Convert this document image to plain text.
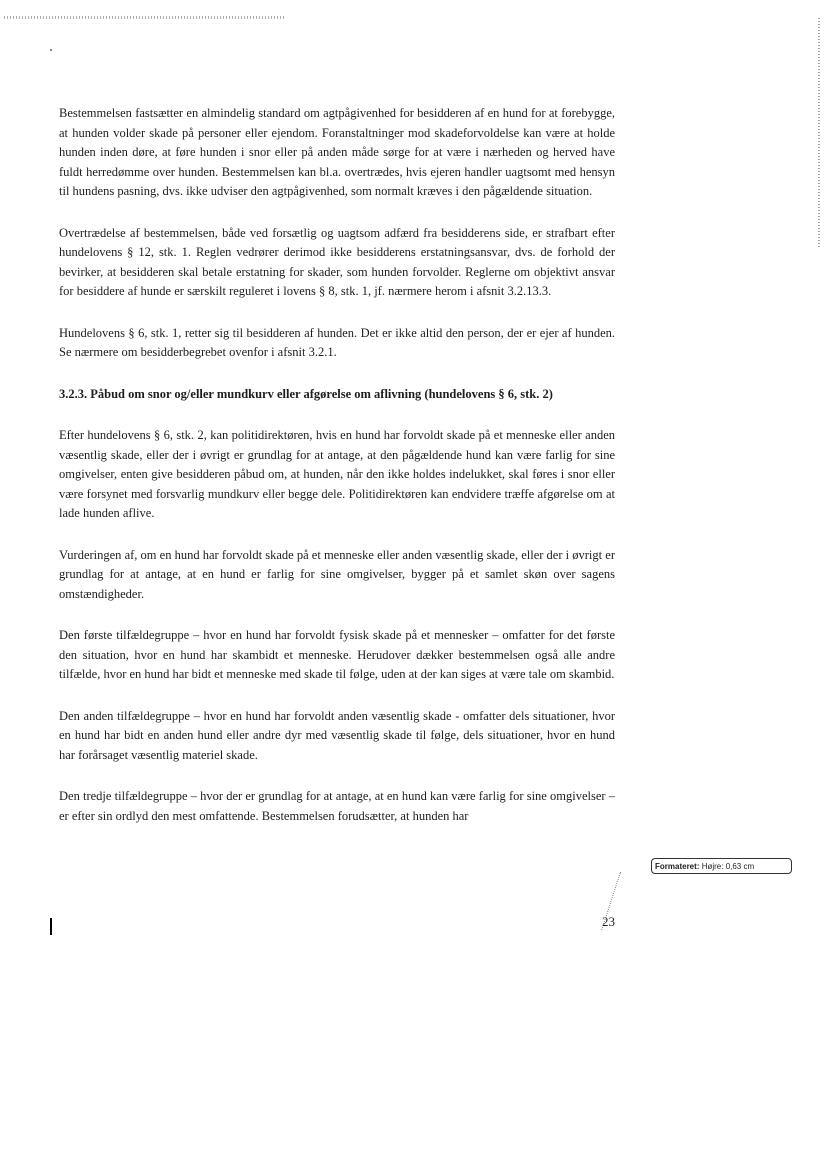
Bestemmelsen fastsætter en almindelig standard om agtpågivenhed for besidderen af en hund for at forebygge, at hunden volder skade på personer eller ejendom. Foranstaltninger mod skadeforvoldelse kan være at holde hunden inden døre, at føre hunden i snor eller på anden måde sørge for at være i nærheden og herved have fuldt herredømme over hunden. Bestemmelsen kan bl.a. overtrædes, hvis ejeren handler uagtsomt med hensyn til hundens pasning, dvs. ikke udviser den agtpågivenhed, som normalt kræves i den pågældende situation.

Overtrædelse af bestemmelsen, både ved forsætlig og uagtsom adfærd fra besidderens side, er strafbart efter hundelovens § 12, stk. 1. Reglen vedrører derimod ikke besidderens erstatningsansvar, dvs. de forhold der bevirker, at besidderen skal betale erstatning for skader, som hunden forvolder. Reglerne om objektivt ansvar for besiddere af hunde er særskilt reguleret i lovens § 8, stk. 1, jf. nærmere herom i afsnit 3.2.13.3.

Hundelovens § 6, stk. 1, retter sig til besidderen af hunden. Det er ikke altid den person, der er ejer af hunden. Se nærmere om besidderbegrebet ovenfor i afsnit 3.2.1.

3.2.3. Påbud om snor og/eller mundkurv eller afgørelse om aflivning (hundelovens § 6, stk. 2)

Efter hundelovens § 6, stk. 2, kan politidirektøren, hvis en hund har forvoldt skade på et menneske eller anden væsentlig skade, eller der i øvrigt er grundlag for at antage, at den pågældende hund kan være farlig for sine omgivelser, enten give besidderen påbud om, at hunden, når den ikke holdes indelukket, skal føres i snor eller være forsynet med forsvarlig mundkurv eller begge dele. Politidirektøren kan endvidere træffe afgørelse om at lade hunden aflive.

Vurderingen af, om en hund har forvoldt skade på et menneske eller anden væsentlig skade, eller der i øvrigt er grundlag for at antage, at en hund er farlig for sine omgivelser, bygger på et samlet skøn over sagens omstændigheder.

Den første tilfældegruppe – hvor en hund har forvoldt fysisk skade på et mennesker – omfatter for det første den situation, hvor en hund har skambidt et menneske. Herudover dækker bestemmelsen også alle andre tilfælde, hvor en hund har bidt et menneske med skade til følge, uden at der kan siges at være tale om skambid.

Den anden tilfældegruppe – hvor en hund har forvoldt anden væsentlig skade - omfatter dels situationer, hvor en hund har bidt en anden hund eller andre dyr med væsentlig skade til følge, dels situationer, hvor en hund har forårsaget væsentlig materiel skade.

Den tredje tilfældegruppe – hvor der er grundlag for at antage, at en hund kan være farlig for sine omgivelser – er efter sin ordlyd den mest omfattende. Bestemmelsen forudsætter, at hunden har

23
Formateret: Højre: 0,63 cm
